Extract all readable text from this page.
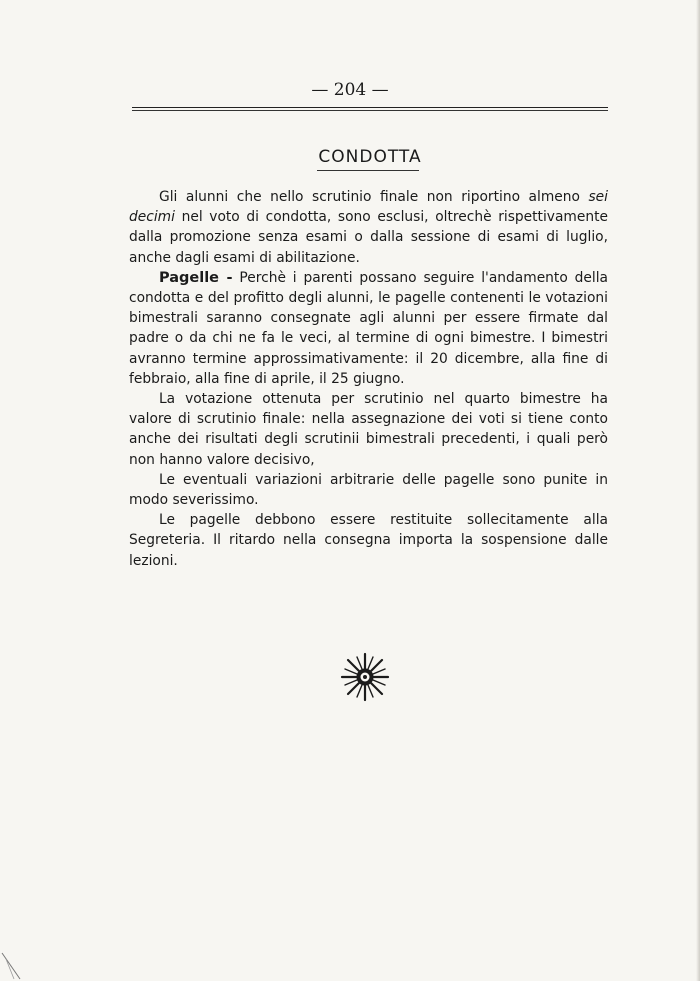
— 204 —
CONDOTTA

Gli alunni che nello scrutinio finale non riportino almeno sei decimi nel voto di condotta, sono esclusi, oltrechè rispettivamente dalla promozione senza esami o dalla sessione di esami di luglio, anche dagli esami di abilitazione.

Pagelle - Perchè i parenti possano seguire l'andamento della condotta e del profitto degli alunni, le pagelle contenenti le votazioni bimestrali saranno consegnate agli alunni per essere firmate dal padre o da chi ne fa le veci, al termine di ogni bimestre. I bimestri avranno termine approssimativamente: il 20 dicembre, alla fine di febbraio, alla fine di aprile, il 25 giugno.

La votazione ottenuta per scrutinio nel quarto bimestre ha valore di scrutinio finale: nella assegnazione dei voti si tiene conto anche dei risultati degli scrutinii bimestrali precedenti, i quali però non hanno valore decisivo,

Le eventuali variazioni arbitrarie delle pagelle sono punite in modo severissimo.

Le pagelle debbono essere restituite sollecitamente alla Segreteria. Il ritardo nella consegna importa la sospensione dalle lezioni.
